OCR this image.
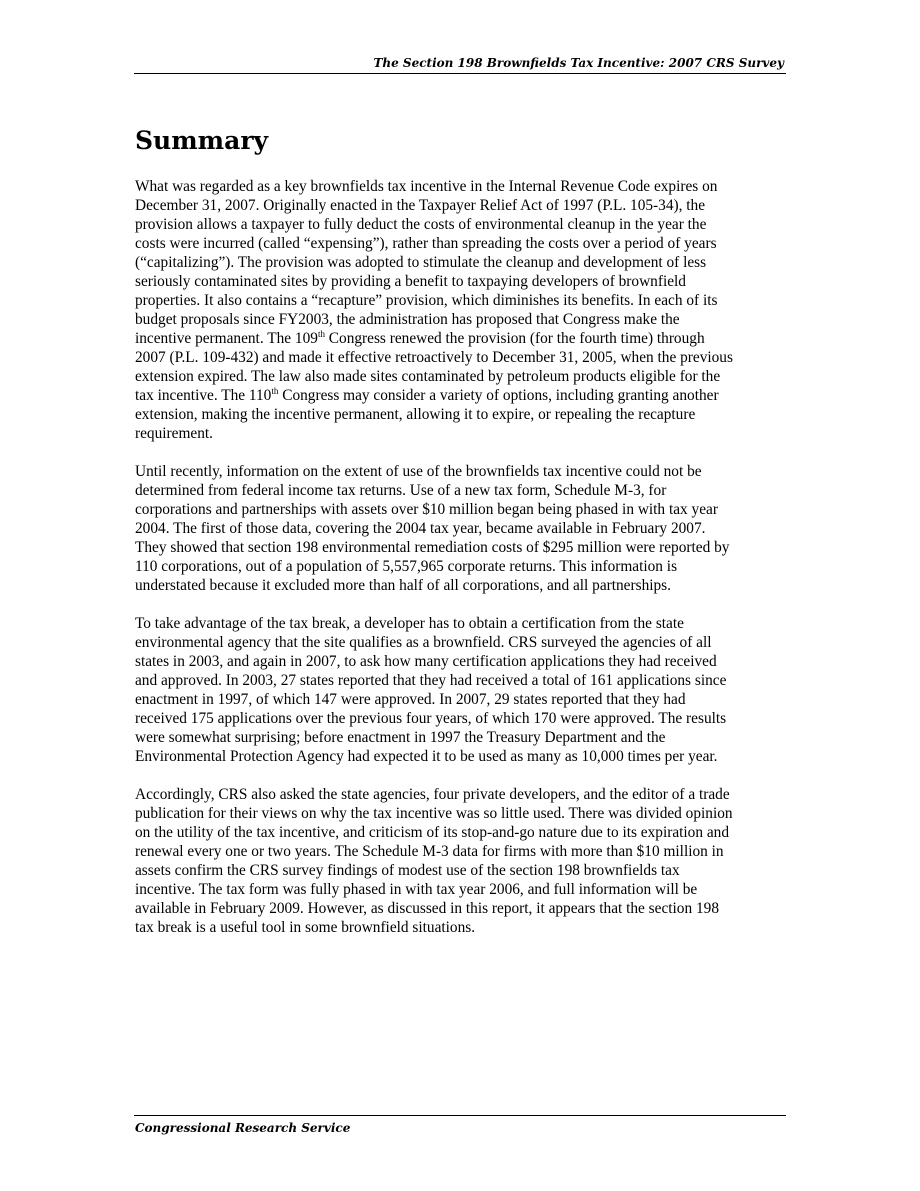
The Section 198 Brownfields Tax Incentive: 2007 CRS Survey
Summary

What was regarded as a key brownfields tax incentive in the Internal Revenue Code expires on
December 31, 2007. Originally enacted in the Taxpayer Relief Act of 1997 (P.L. 105-34), the
provision allows a taxpayer to fully deduct the costs of environmental cleanup in the year the
costs were incurred (called “expensing”), rather than spreading the costs over a period of years
(“capitalizing”). The provision was adopted to stimulate the cleanup and development of less
seriously contaminated sites by providing a benefit to taxpaying developers of brownfield
properties. It also contains a “recapture” provision, which diminishes its benefits. In each of its
budget proposals since FY2003, the administration has proposed that Congress make the
incentive permanent. The 109th Congress renewed the provision (for the fourth time) through
2007 (P.L. 109-432) and made it effective retroactively to December 31, 2005, when the previous
extension expired. The law also made sites contaminated by petroleum products eligible for the
tax incentive. The 110th Congress may consider a variety of options, including granting another
extension, making the incentive permanent, allowing it to expire, or repealing the recapture
requirement.

Until recently, information on the extent of use of the brownfields tax incentive could not be
determined from federal income tax returns. Use of a new tax form, Schedule M-3, for
corporations and partnerships with assets over $10 million began being phased in with tax year
2004. The first of those data, covering the 2004 tax year, became available in February 2007.
They showed that section 198 environmental remediation costs of $295 million were reported by
110 corporations, out of a population of 5,557,965 corporate returns. This information is
understated because it excluded more than half of all corporations, and all partnerships.

To take advantage of the tax break, a developer has to obtain a certification from the state
environmental agency that the site qualifies as a brownfield. CRS surveyed the agencies of all
states in 2003, and again in 2007, to ask how many certification applications they had received
and approved. In 2003, 27 states reported that they had received a total of 161 applications since
enactment in 1997, of which 147 were approved. In 2007, 29 states reported that they had
received 175 applications over the previous four years, of which 170 were approved. The results
were somewhat surprising; before enactment in 1997 the Treasury Department and the
Environmental Protection Agency had expected it to be used as many as 10,000 times per year.

Accordingly, CRS also asked the state agencies, four private developers, and the editor of a trade
publication for their views on why the tax incentive was so little used. There was divided opinion
on the utility of the tax incentive, and criticism of its stop-and-go nature due to its expiration and
renewal every one or two years. The Schedule M-3 data for firms with more than $10 million in
assets confirm the CRS survey findings of modest use of the section 198 brownfields tax
incentive. The tax form was fully phased in with tax year 2006, and full information will be
available in February 2009. However, as discussed in this report, it appears that the section 198
tax break is a useful tool in some brownfield situations.

Congressional Research Service
